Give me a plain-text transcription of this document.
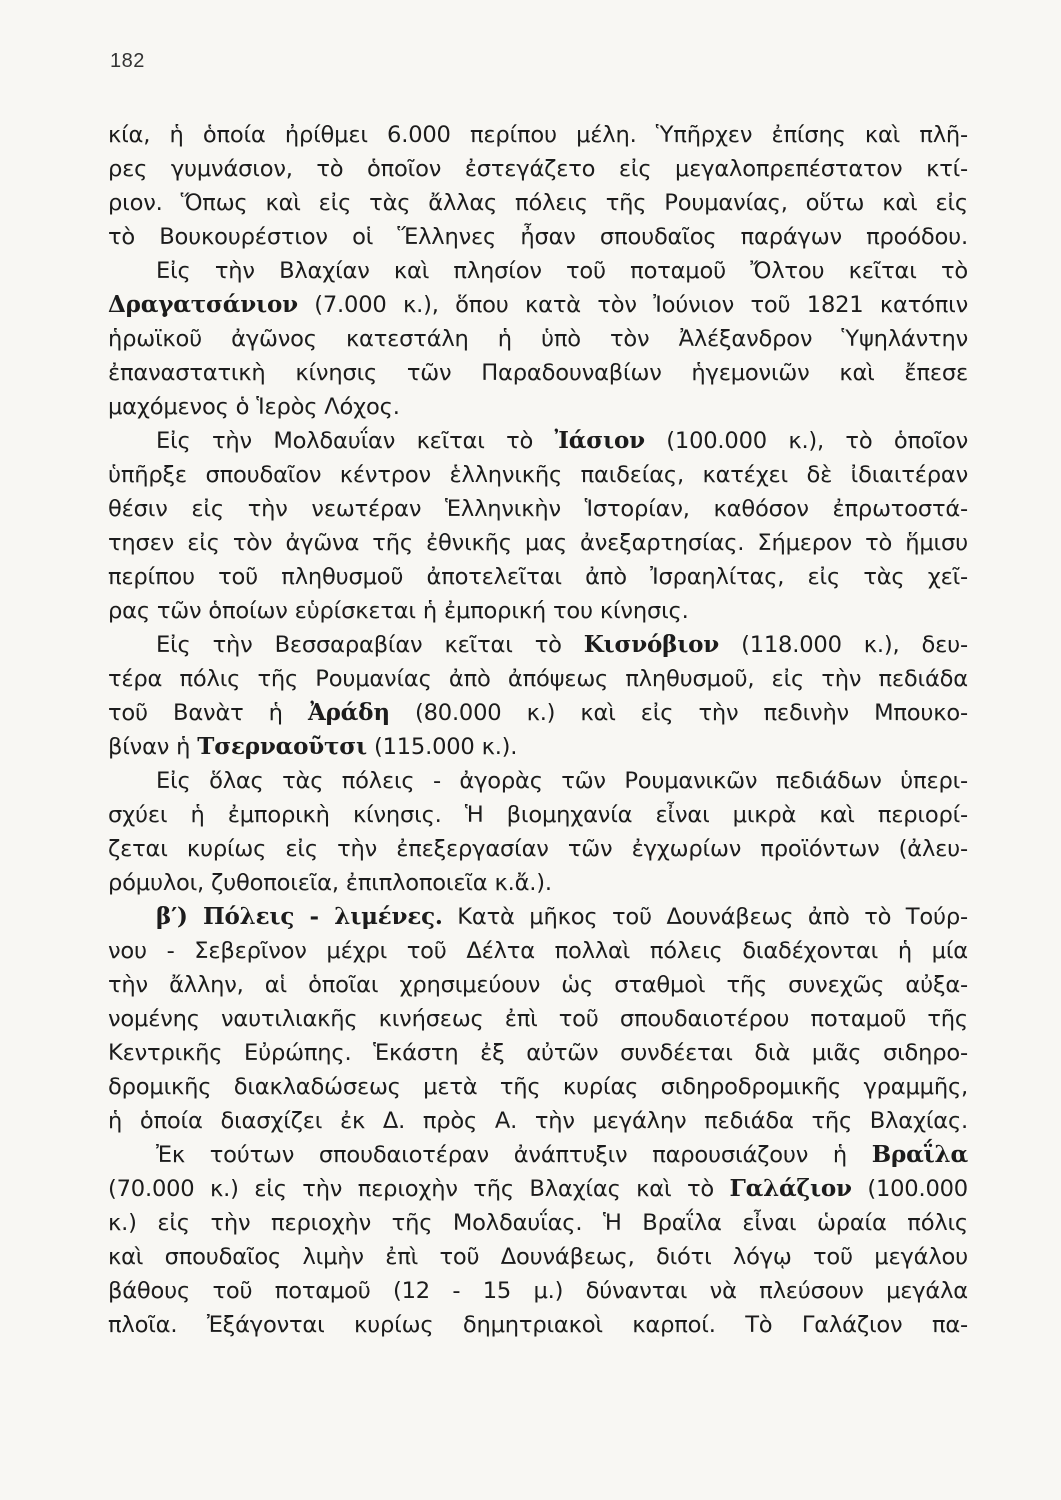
182
κία, ἡ ὁποία ἠρίθμει 6.000 περίπου μέλη. Ὑπῆρχεν ἐπίσης καὶ πλῆ-
ρες γυμνάσιον, τὸ ὁποῖον ἐστεγάζετο εἰς μεγαλοπρεπέστατον κτί-
ριον. Ὅπως καὶ εἰς τὰς ἄλλας πόλεις τῆς Ρουμανίας, οὕτω καὶ εἰς
τὸ Βουκουρέστιον οἱ Ἕλληνες ἦσαν σπουδαῖος παράγων προόδου.
Εἰς τὴν Βλαχίαν καὶ πλησίον τοῦ ποταμοῦ Ὄλτου κεῖται τὸ
Δραγατσάνιον (7.000 κ.), ὅπου κατὰ τὸν Ἰούνιον τοῦ 1821 κατόπιν
ἡρωϊκοῦ ἀγῶνος κατεστάλη ἡ ὑπὸ τὸν Ἀλέξανδρον Ὑψηλάντην
ἐπαναστατικὴ κίνησις τῶν Παραδουναβίων ἡγεμονιῶν καὶ ἔπεσε
μαχόμενος ὁ Ἱερὸς Λόχος.
Εἰς τὴν Μολδαυΐαν κεῖται τὸ Ἰάσιον (100.000 κ.), τὸ ὁποῖον
ὑπῆρξε σπουδαῖον κέντρον ἑλληνικῆς παιδείας, κατέχει δὲ ἰδιαιτέραν
θέσιν εἰς τὴν νεωτέραν Ἑλληνικὴν Ἱστορίαν, καθόσον ἐπρωτοστά-
τησεν εἰς τὸν ἀγῶνα τῆς ἐθνικῆς μας ἀνεξαρτησίας. Σήμερον τὸ ἥμισυ
περίπου τοῦ πληθυσμοῦ ἀποτελεῖται ἀπὸ Ἰσραηλίτας, εἰς τὰς χεῖ-
ρας τῶν ὁποίων εὑρίσκεται ἡ ἐμπορική του κίνησις.
Εἰς τὴν Βεσσαραβίαν κεῖται τὸ Κισνόβιον (118.000 κ.), δευ-
τέρα πόλις τῆς Ρουμανίας ἀπὸ ἀπόψεως πληθυσμοῦ, εἰς τὴν πεδιάδα
τοῦ Βανὰτ ἡ Ἀράδη (80.000 κ.) καὶ εἰς τὴν πεδινὴν Μπουκο-
βίναν ἡ Τσερναοῦτσι (115.000 κ.).
Εἰς ὅλας τὰς πόλεις - ἀγορὰς τῶν Ρουμανικῶν πεδιάδων ὑπερι-
σχύει ἡ ἐμπορικὴ κίνησις. Ἡ βιομηχανία εἶναι μικρὰ καὶ περιορί-
ζεται κυρίως εἰς τὴν ἐπεξεργασίαν τῶν ἐγχωρίων προϊόντων (ἀλευ-
ρόμυλοι, ζυθοποιεῖα, ἐπιπλοποιεῖα κ.ἄ.).
β′) Πόλεις - λιμένες. Κατὰ μῆκος τοῦ Δουνάβεως ἀπὸ τὸ Τούρ-
νου - Σεβερῖνον μέχρι τοῦ Δέλτα πολλαὶ πόλεις διαδέχονται ἡ μία
τὴν ἄλλην, αἱ ὁποῖαι χρησιμεύουν ὡς σταθμοὶ τῆς συνεχῶς αὐξα-
νομένης ναυτιλιακῆς κινήσεως ἐπὶ τοῦ σπουδαιοτέρου ποταμοῦ τῆς
Κεντρικῆς Εὐρώπης. Ἑκάστη ἐξ αὐτῶν συνδέεται διὰ μιᾶς σιδηρο-
δρομικῆς διακλαδώσεως μετὰ τῆς κυρίας σιδηροδρομικῆς γραμμῆς,
ἡ ὁποία διασχίζει ἐκ Δ. πρὸς Α. τὴν μεγάλην πεδιάδα τῆς Βλαχίας.
Ἐκ τούτων σπουδαιοτέραν ἀνάπτυξιν παρουσιάζουν ἡ Βραΐλα
(70.000 κ.) εἰς τὴν περιοχὴν τῆς Βλαχίας καὶ τὸ Γαλάζιον (100.000
κ.) εἰς τὴν περιοχὴν τῆς Μολδαυΐας. Ἡ Βραΐλα εἶναι ὡραία πόλις
καὶ σπουδαῖος λιμὴν ἐπὶ τοῦ Δουνάβεως, διότι λόγῳ τοῦ μεγάλου
βάθους τοῦ ποταμοῦ (12 - 15 μ.) δύνανται νὰ πλεύσουν μεγάλα
πλοῖα. Ἐξάγονται κυρίως δημητριακοὶ καρποί. Τὸ Γαλάζιον πα-
